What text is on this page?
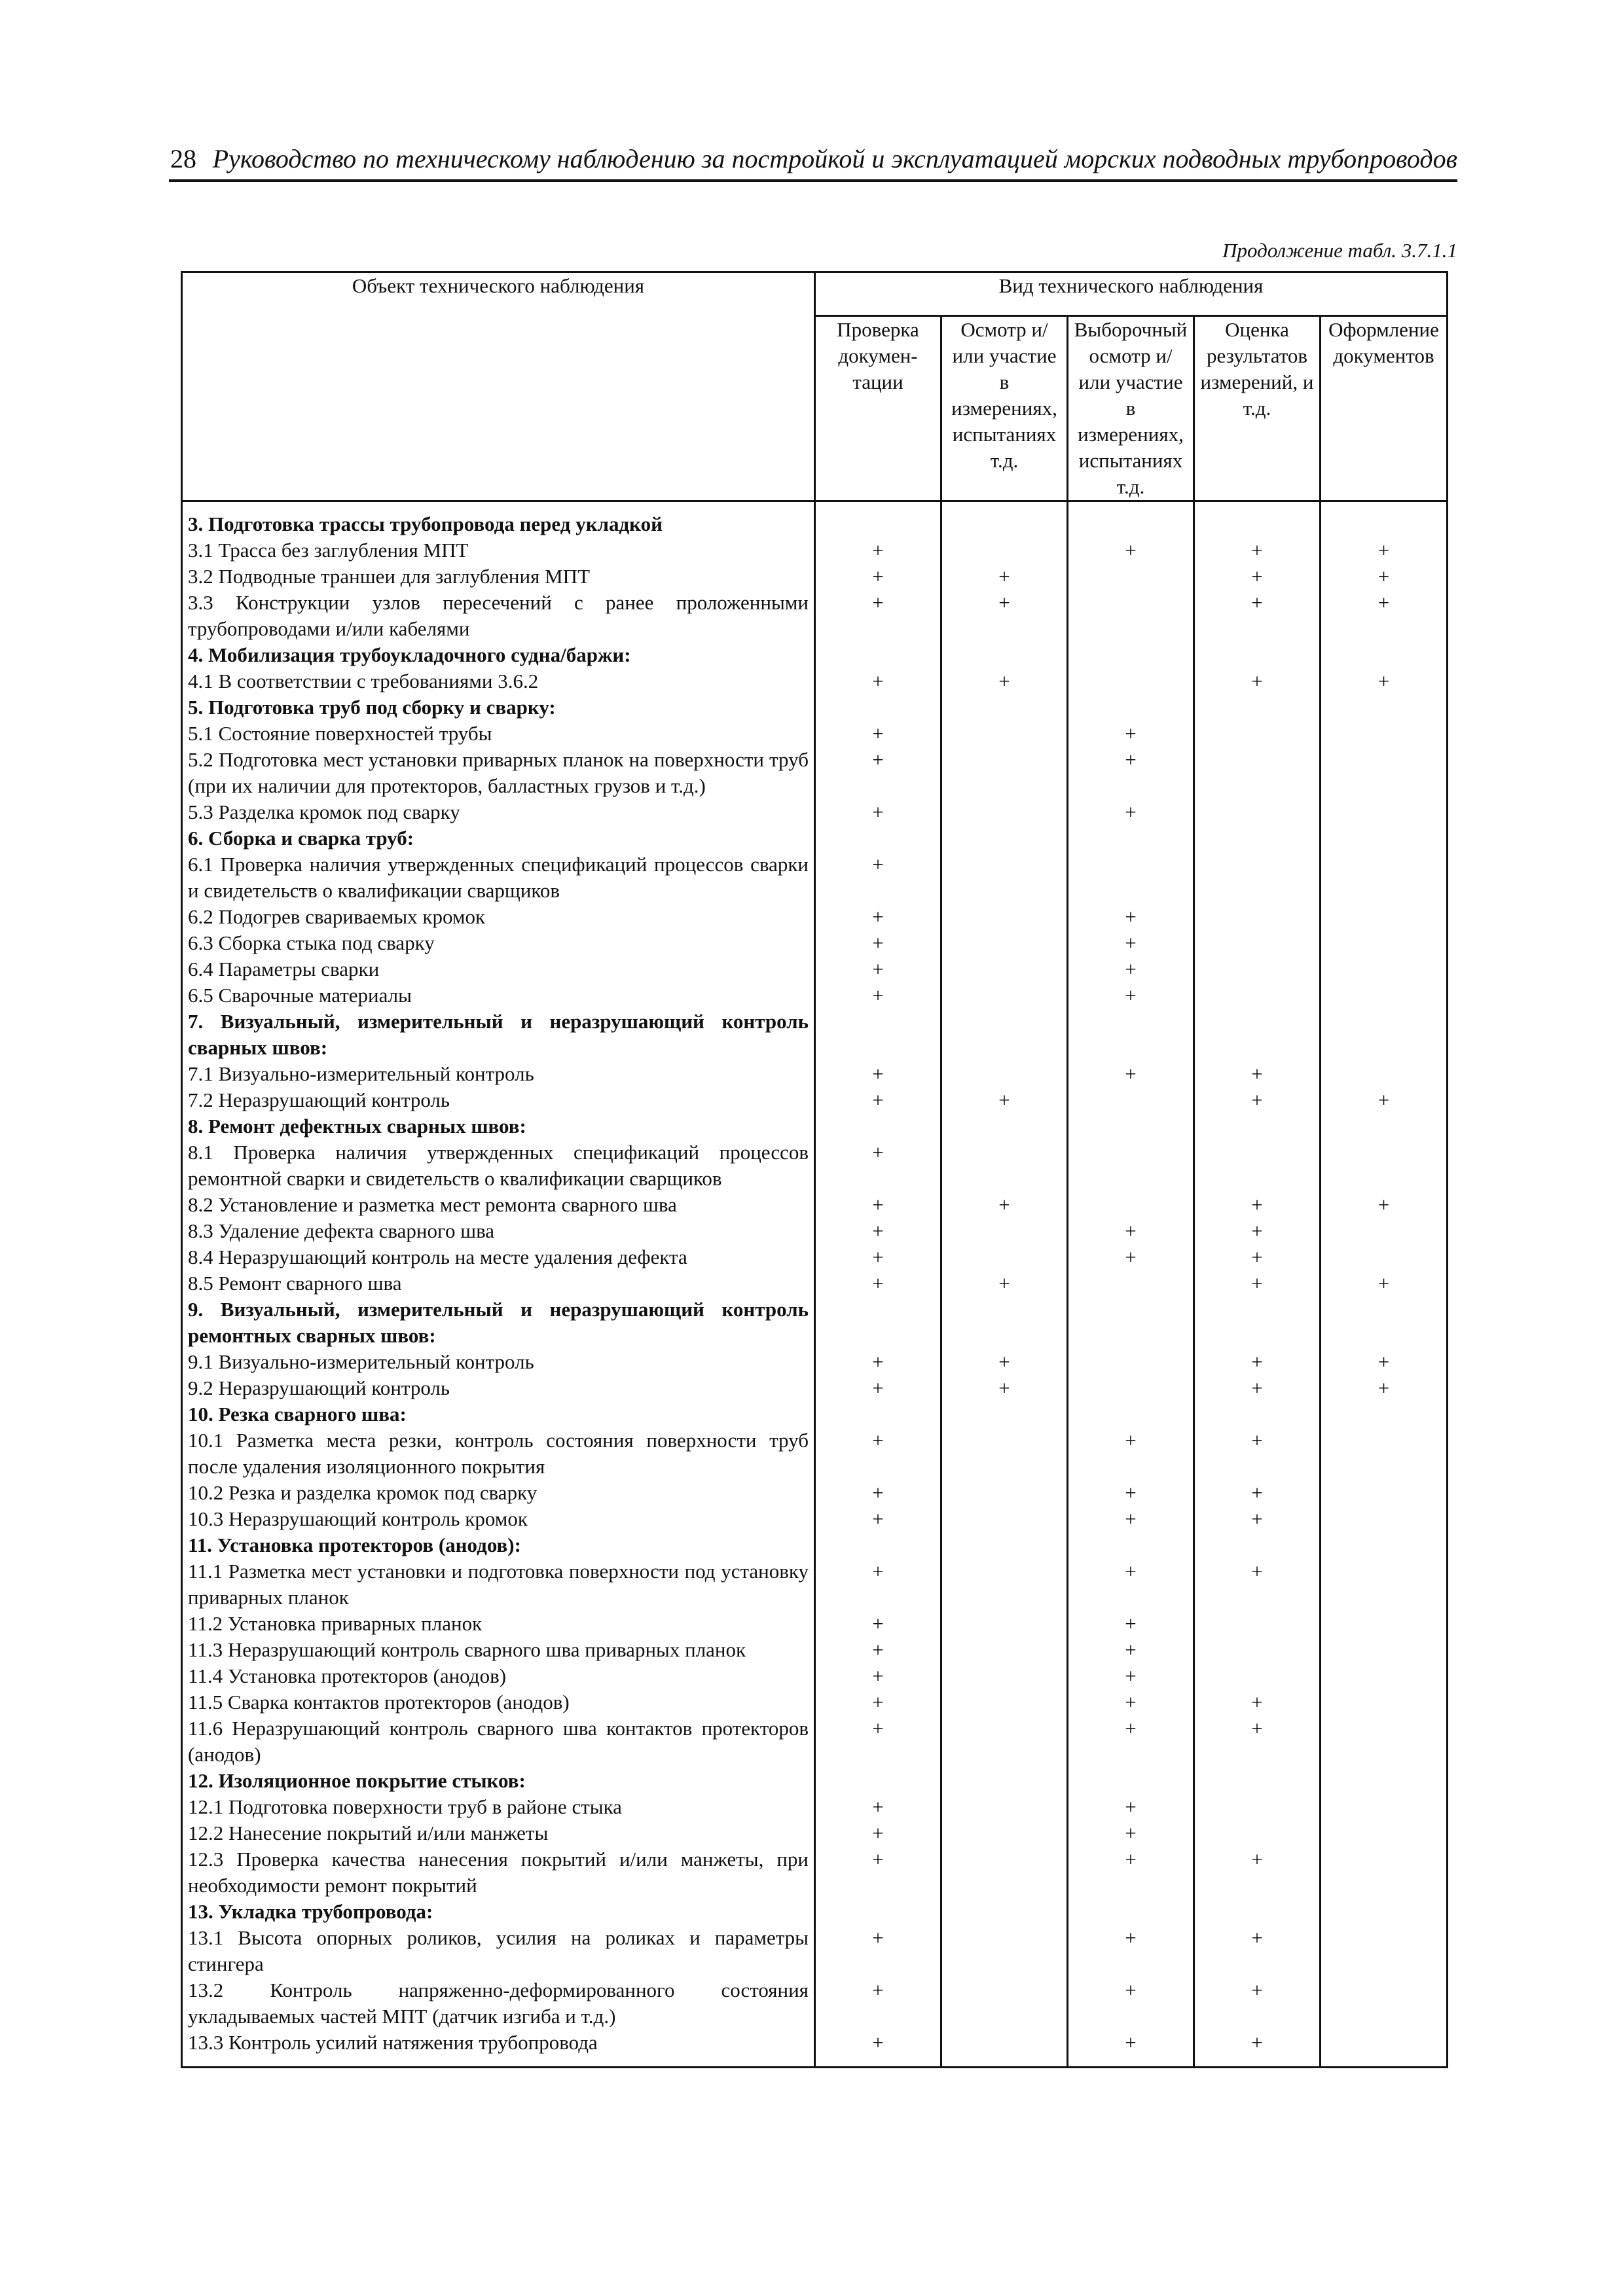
28 Руководство по техническому наблюдению за постройкой и эксплуатацией морских подводных трубопроводов
Продолжение табл. 3.7.1.1
Объект технического наблюдения	Вид технического наблюдения				
	Проверка докумен-тации	Осмотр и/ или участие в измерениях, испытаниях т.д.	Выборочный осмотр и/или участие в измерениях, испытаниях т.д.	Оценка результатов измерений, и т.д.	Оформление документов
3. Подготовка трассы трубопровода перед укладкой					
3.1 Трасса без заглубления МПТ	+		+	+	+
3.2 Подводные траншеи для заглубления МПТ	+	+		+	+
3.3 Конструкции узлов пересечений с ранее проложенными трубопроводами и/или кабелями	+	+		+	+
4. Мобилизация трубоукладочного судна/баржи:					
4.1 В соответствии с требованиями 3.6.2	+	+		+	+
5. Подготовка труб под сборку и сварку:					
5.1 Состояние поверхностей трубы	+		+		
5.2 Подготовка мест установки приварных планок на поверхности труб (при их наличии для протекторов, балластных грузов и т.д.)	+		+		
5.3 Разделка кромок под сварку	+		+		
6. Сборка и сварка труб:					
6.1 Проверка наличия утвержденных спецификаций процессов сварки и свидетельств о квалификации сварщиков	+				
6.2 Подогрев свариваемых кромок	+		+		
6.3 Сборка стыка под сварку	+		+		
6.4 Параметры сварки	+		+		
6.5 Сварочные материалы	+		+		
7. Визуальный, измерительный и неразрушающий контроль сварных швов:					
7.1 Визуально-измерительный контроль	+		+	+	
7.2 Неразрушающий контроль	+	+		+	+
8. Ремонт дефектных сварных швов:					
8.1 Проверка наличия утвержденных спецификаций процессов ремонтной сварки и свидетельств о квалификации сварщиков	+				
8.2 Установление и разметка мест ремонта сварного шва	+	+		+	+
8.3 Удаление дефекта сварного шва	+		+	+	
8.4 Неразрушающий контроль на месте удаления дефекта	+		+	+	
8.5 Ремонт сварного шва	+	+		+	+
9. Визуальный, измерительный и неразрушающий контроль ремонтных сварных швов:					
9.1 Визуально-измерительный контроль	+	+		+	+
9.2 Неразрушающий контроль	+	+		+	+
10. Резка сварного шва:					
10.1 Разметка места резки, контроль состояния поверхности труб после удаления изоляционного покрытия	+		+	+	
10.2 Резка и разделка кромок под сварку	+		+	+	
10.3 Неразрушающий контроль кромок	+		+	+	
11. Установка протекторов (анодов):					
11.1 Разметка мест установки и подготовка поверхности под установку приварных планок	+		+	+	
11.2 Установка приварных планок	+		+		
11.3 Неразрушающий контроль сварного шва приварных планок	+		+		
11.4 Установка протекторов (анодов)	+		+		
11.5 Сварка контактов протекторов (анодов)	+		+	+	
11.6 Неразрушающий контроль сварного шва контактов протекторов (анодов)	+		+	+	
12. Изоляционное покрытие стыков:					
12.1 Подготовка поверхности труб в районе стыка	+		+		
12.2 Нанесение покрытий и/или манжеты	+		+		
12.3 Проверка качества нанесения покрытий и/или манжеты, при необходимости ремонт покрытий	+		+	+	
13. Укладка трубопровода:					
13.1 Высота опорных роликов, усилия на роликах и параметры стингера	+		+	+	
13.2 Контроль напряженно-деформированного состояния укладываемых частей МПТ (датчик изгиба и т.д.)	+		+	+	
13.3 Контроль усилий натяжения трубопровода	+		+	+	
